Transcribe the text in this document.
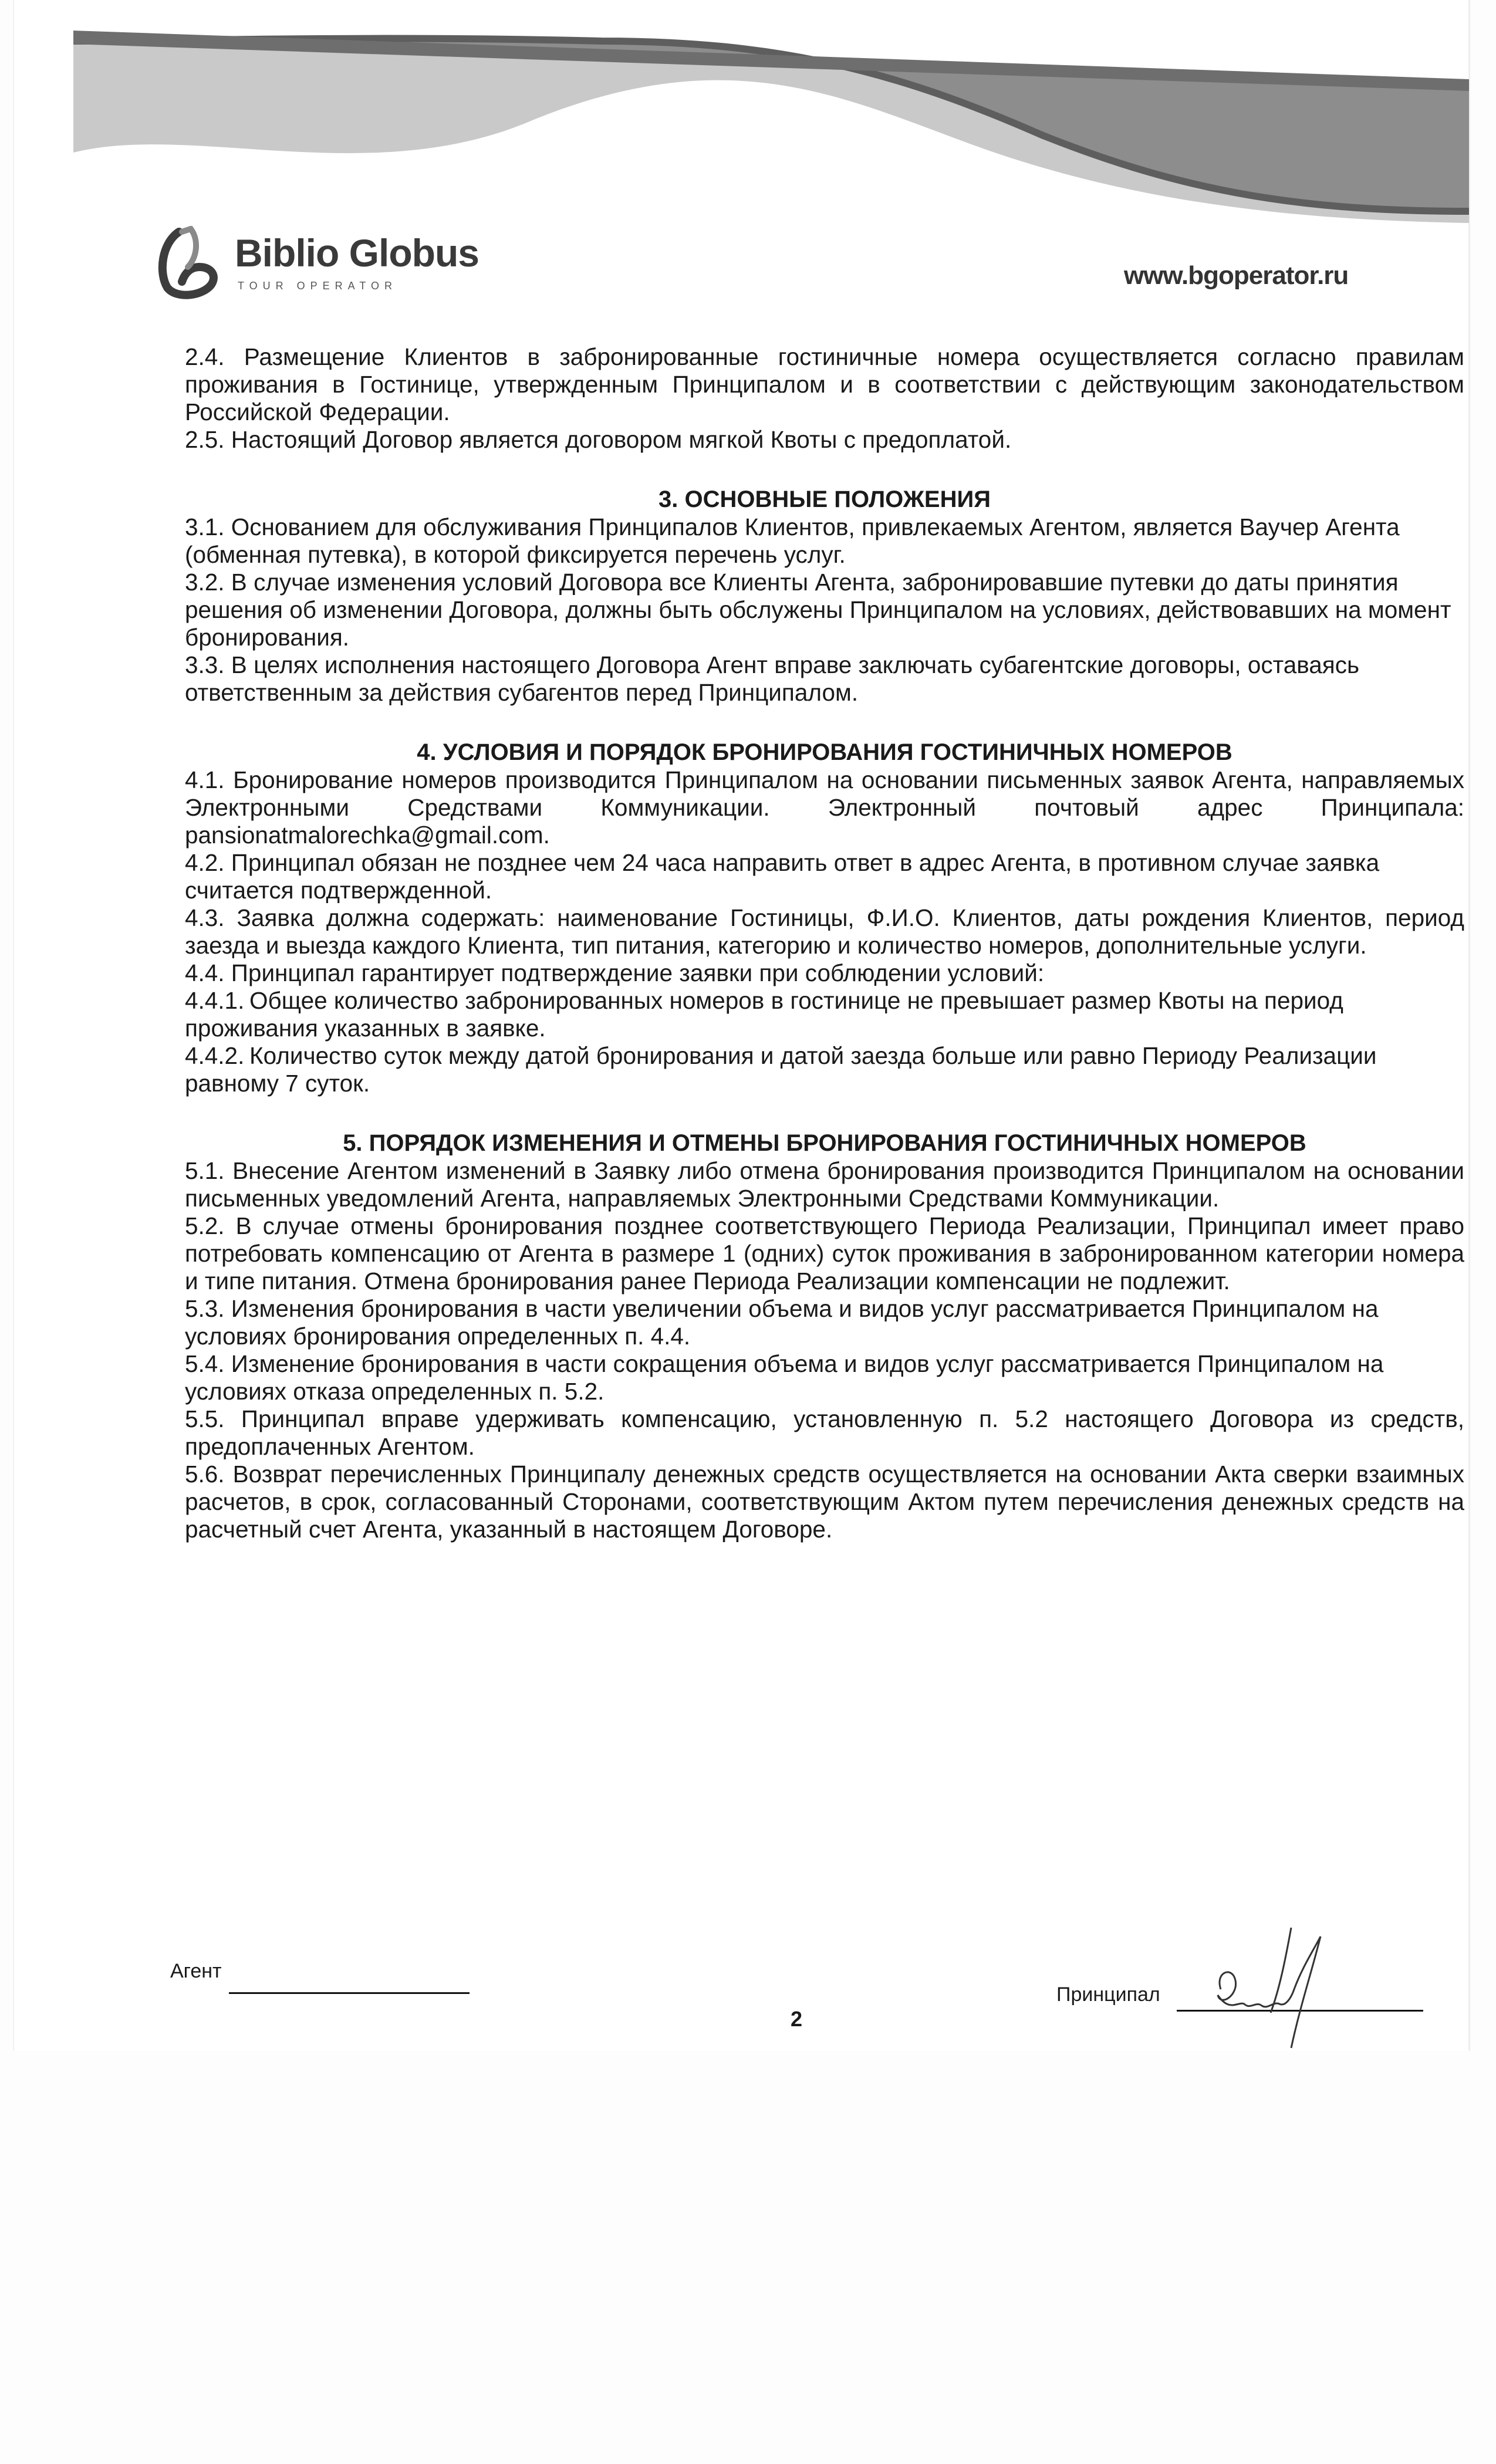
Biblio Globus
TOUR OPERATOR	www.bgoperator.ru

2.4. Размещение Клиентов в забронированные гостиничные номера осуществляется согласно правилам проживания в Гостинице, утвержденным Принципалом и в соответствии с действующим законодательством Российской Федерации.

2.5. Настоящий Договор является договором мягкой Квоты с предоплатой.

3. ОСНОВНЫЕ ПОЛОЖЕНИЯ

3.1. Основанием для обслуживания Принципалов Клиентов, привлекаемых Агентом, является Ваучер Агента (обменная путевка), в которой фиксируется перечень услуг.

3.2. В случае изменения условий Договора все Клиенты Агента, забронировавшие путевки до даты принятия решения об изменении Договора, должны быть обслужены Принципалом на условиях, действовавших на момент бронирования.

3.3. В целях исполнения настоящего Договора Агент вправе заключать субагентские договоры, оставаясь ответственным за действия субагентов перед Принципалом.

4. УСЛОВИЯ И ПОРЯДОК БРОНИРОВАНИЯ ГОСТИНИЧНЫХ НОМЕРОВ

4.1. Бронирование номеров производится Принципалом на основании письменных заявок Агента, направляемых Электронными Средствами Коммуникации. Электронный почтовый адрес Принципала: pansionatmalorechka@gmail.com.

4.2. Принципал обязан не позднее чем 24 часа направить ответ в адрес Агента, в противном случае заявка считается подтвержденной.

4.3. Заявка должна содержать: наименование Гостиницы, Ф.И.О. Клиентов, даты рождения Клиентов, период заезда и выезда каждого Клиента, тип питания, категорию и количество номеров, дополнительные услуги.

4.4. Принципал гарантирует подтверждение заявки при соблюдении условий:

4.4.1. Общее количество забронированных номеров в гостинице не превышает размер Квоты на период проживания указанных в заявке.

4.4.2. Количество суток между датой бронирования и датой заезда больше или равно Периоду Реализации равному 7 суток.

5. ПОРЯДОК ИЗМЕНЕНИЯ И ОТМЕНЫ БРОНИРОВАНИЯ ГОСТИНИЧНЫХ НОМЕРОВ

5.1. Внесение Агентом изменений в Заявку либо отмена бронирования производится Принципалом на основании письменных уведомлений Агента, направляемых Электронными Средствами Коммуникации.

5.2. В случае отмены бронирования позднее соответствующего Периода Реализации, Принципал имеет право потребовать компенсацию от Агента в размере 1 (одних) суток проживания в забронированном категории номера и типе питания. Отмена бронирования ранее Периода Реализации компенсации не подлежит.

5.3. Изменения бронирования в части увеличении объема и видов услуг рассматривается Принципалом на условиях бронирования определенных п. 4.4.

5.4. Изменение бронирования в части сокращения объема и видов услуг рассматривается Принципалом на условиях отказа определенных п. 5.2.

5.5. Принципал вправе удерживать компенсацию, установленную п. 5.2 настоящего Договора из средств, предоплаченных Агентом.

5.6. Возврат перечисленных Принципалу денежных средств осуществляется на основании Акта сверки взаимных расчетов, в срок, согласованный Сторонами, соответствующим Актом путем перечисления денежных средств на расчетный счет Агента, указанный в настоящем Договоре.

Агент
Принципал
2
